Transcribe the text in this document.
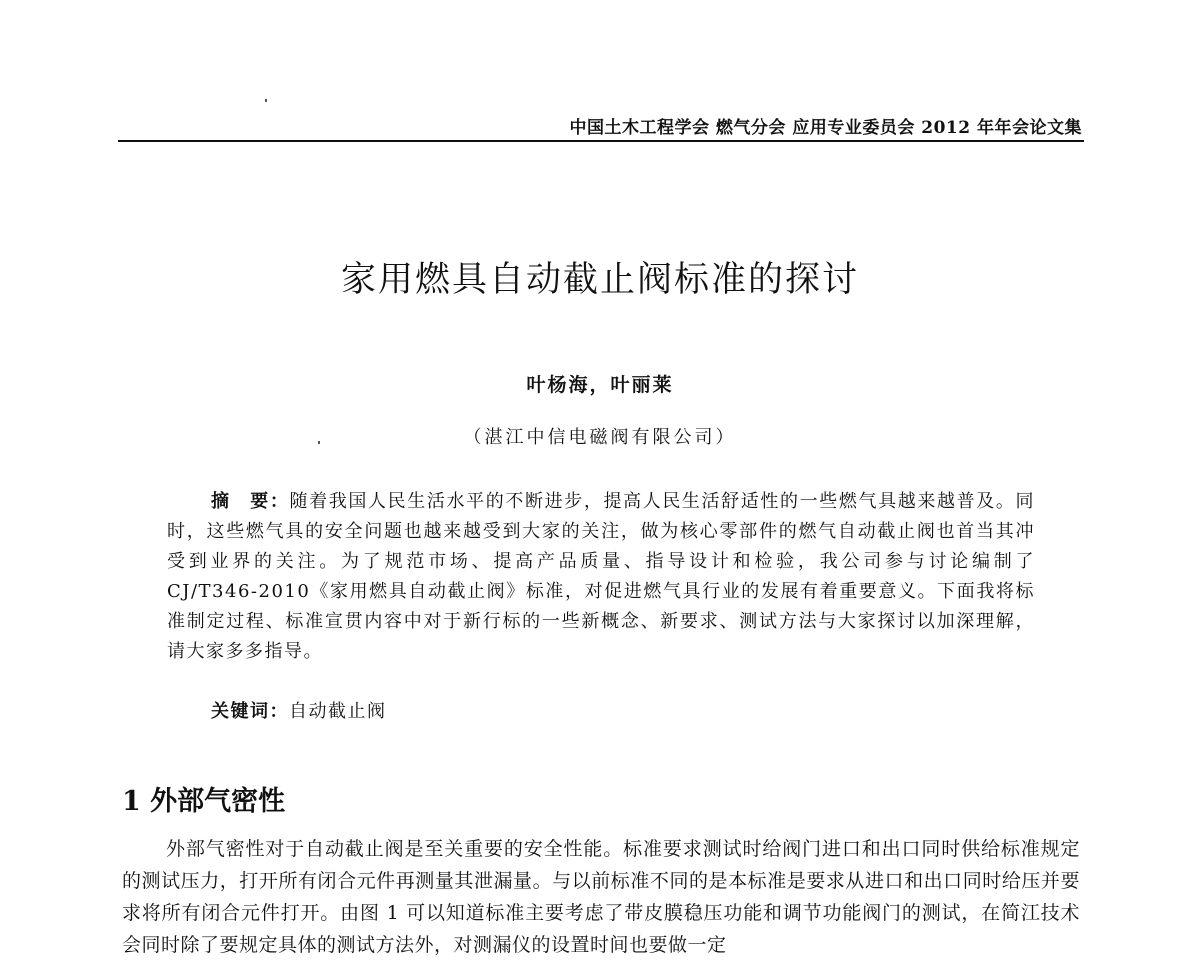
中国土木工程学会 燃气分会 应用专业委员会 2012 年年会论文集
家用燃具自动截止阀标准的探讨
叶杨海，叶丽莱
（湛江中信电磁阀有限公司）

摘　要：随着我国人民生活水平的不断进步，提高人民生活舒适性的一些燃气具越来越普及。同时，这些燃气具的安全问题也越来越受到大家的关注，做为核心零部件的燃气自动截止阀也首当其冲受到业界的关注。为了规范市场、提高产品质量、指导设计和检验，我公司参与讨论编制了 CJ/T346-2010《家用燃具自动截止阀》标准，对促进燃气具行业的发展有着重要意义。下面我将标准制定过程、标准宣贯内容中对于新行标的一些新概念、新要求、测试方法与大家探讨以加深理解，请大家多多指导。

关键词：自动截止阀
1 外部气密性

外部气密性对于自动截止阀是至关重要的安全性能。标准要求测试时给阀门进口和出口同时供给标准规定的测试压力，打开所有闭合元件再测量其泄漏量。与以前标准不同的是本标准是要求从进口和出口同时给压并要求将所有闭合元件打开。由图 1 可以知道标准主要考虑了带皮膜稳压功能和调节功能阀门的测试，在简江技术会同时除了要规定具体的测试方法外，对测漏仪的设置时间也要做一定
